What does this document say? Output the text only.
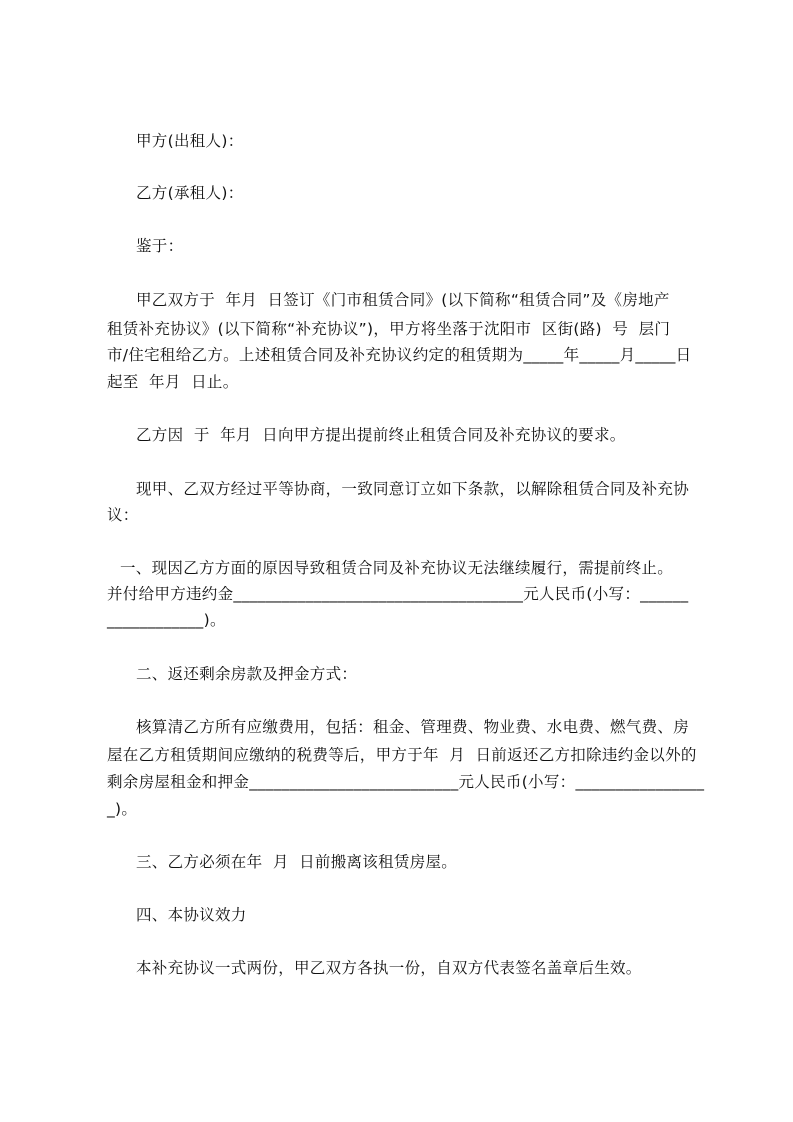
甲方(出租人)：
乙方(承租人)：
鉴于：
甲乙双方于  年月  日签订《门市租赁合同》(以下简称“租赁合同”及《房地产
租赁补充协议》(以下简称“补充协议”)，甲方将坐落于沈阳市  区街(路)  号  层门
市/住宅租给乙方。上述租赁合同及补充协议约定的租赁期为_____年_____月_____日
起至  年月  日止。
乙方因  于  年月  日向甲方提出提前终止租赁合同及补充协议的要求。
现甲、乙双方经过平等协商，一致同意订立如下条款，以解除租赁合同及补充协
议：
一、现因乙方方面的原因导致租赁合同及补充协议无法继续履行，需提前终止。
并付给甲方违约金____________________________________元人民币(小写：______
____________)。
二、返还剩余房款及押金方式：
核算清乙方所有应缴费用，包括：租金、管理费、物业费、水电费、燃气费、房
屋在乙方租赁期间应缴纳的税费等后，甲方于年  月  日前返还乙方扣除违约金以外的
剩余房屋租金和押金__________________________元人民币(小写：________________
_)。
三、乙方必须在年  月  日前搬离该租赁房屋。
四、本协议效力
本补充协议一式两份，甲乙双方各执一份，自双方代表签名盖章后生效。
